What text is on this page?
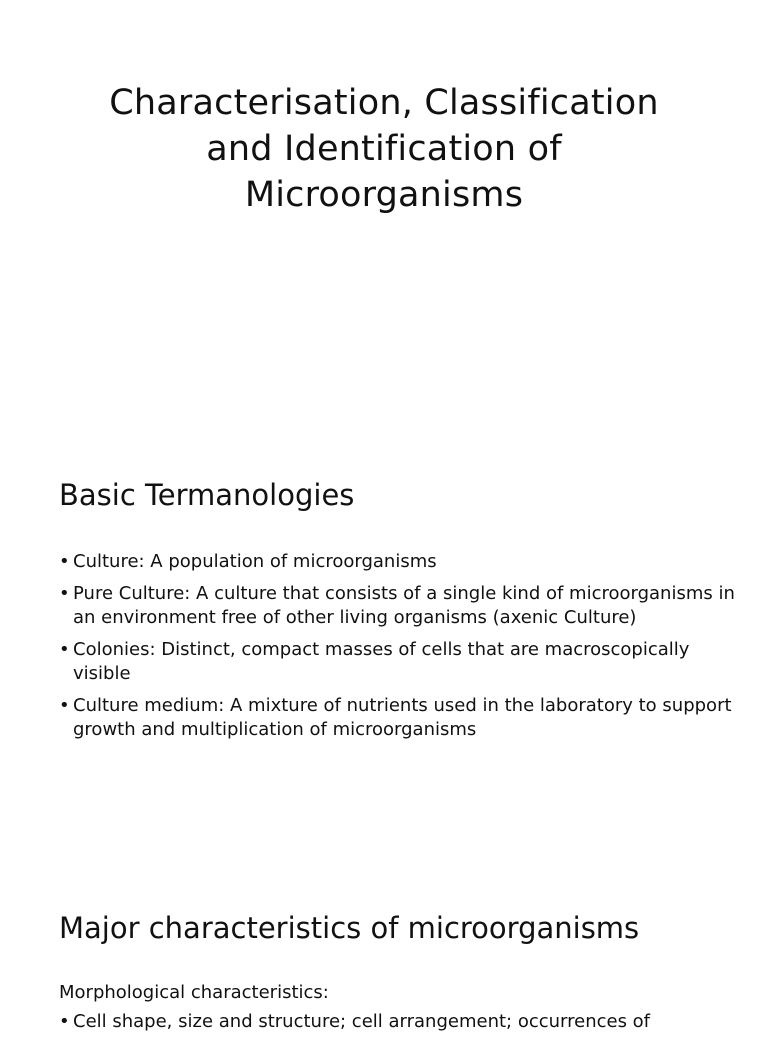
Characterisation, Classification
and Identification of
Microorganisms
Basic Termanologies
• Culture: A population of microorganisms
• Pure Culture: A culture that consists of a single kind of microorganisms in an environment free of other living organisms (axenic Culture)
• Colonies: Distinct, compact masses of cells that are macroscopically visible
• Culture medium: A mixture of nutrients used in the laboratory to support growth and multiplication of microorganisms
Major characteristics of microorganisms
Morphological characteristics:
• Cell shape, size and structure; cell arrangement; occurrences of
